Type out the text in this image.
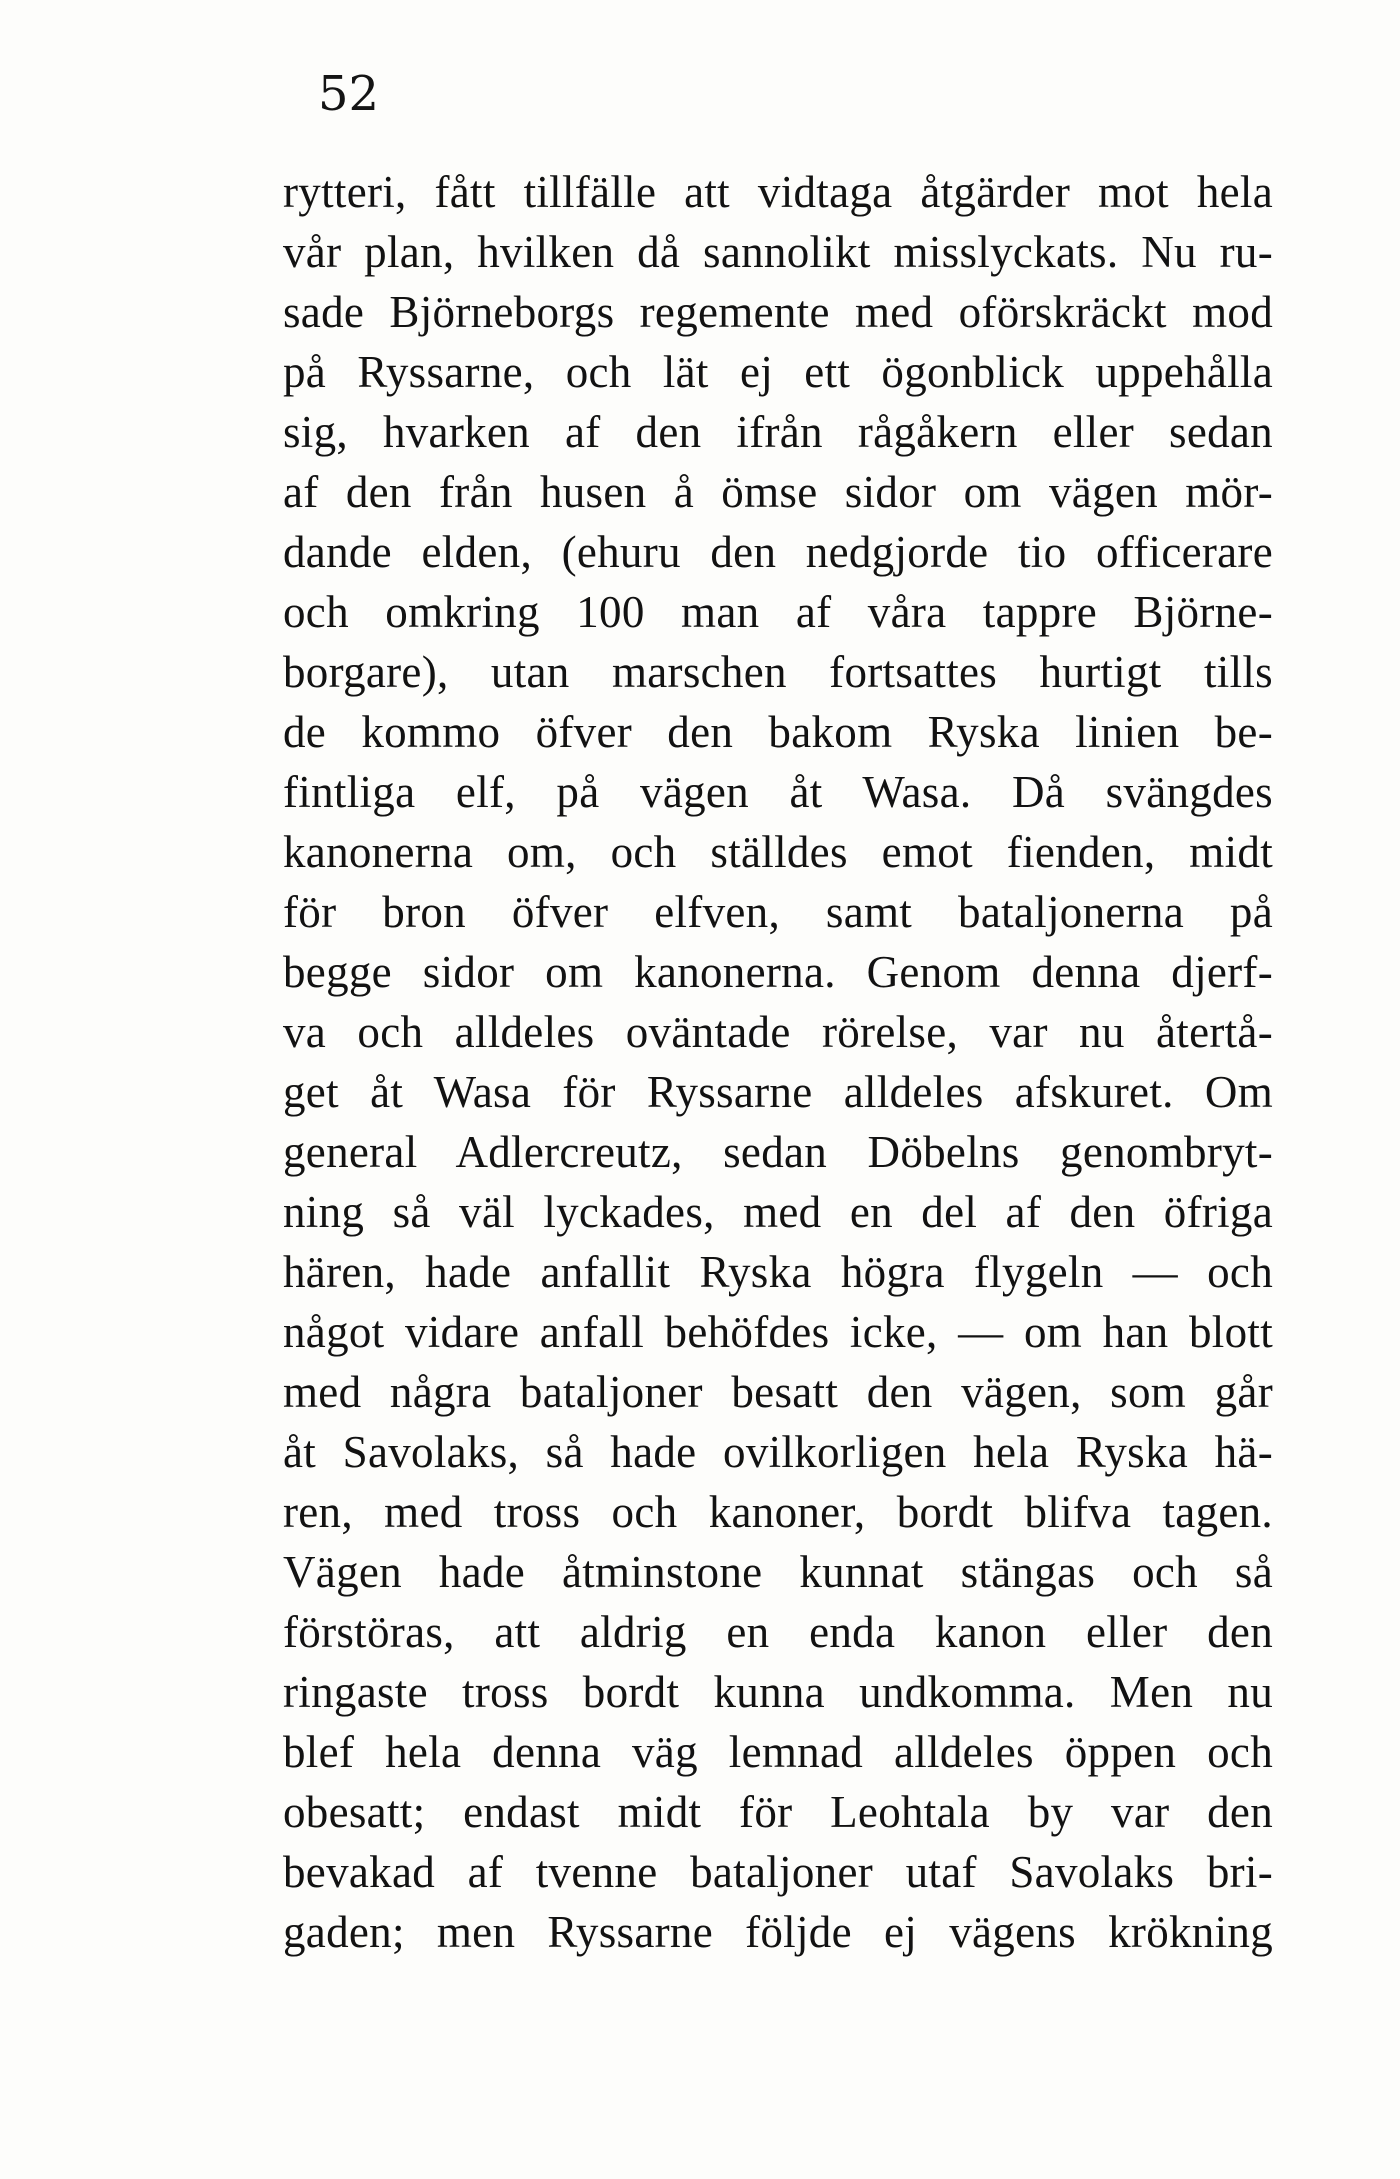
52
rytteri, fått tillfälle att vidtaga åtgärder mot hela
vår plan, hvilken då sannolikt misslyckats. Nu ru-
sade Björneborgs regemente med oförskräckt mod
på Ryssarne, och lät ej ett ögonblick uppehålla
sig, hvarken af den ifrån rågåkern eller sedan
af den från husen å ömse sidor om vägen mör-
dande elden, (ehuru den nedgjorde tio officerare
och omkring 100 man af våra tappre Björne-
borgare), utan marschen fortsattes hurtigt tills
de kommo öfver den bakom Ryska linien be-
fintliga elf, på vägen åt Wasa. Då svängdes
kanonerna om, och ställdes emot fienden, midt
för bron öfver elfven, samt bataljonerna på
begge sidor om kanonerna. Genom denna djerf-
va och alldeles oväntade rörelse, var nu återtå-
get åt Wasa för Ryssarne alldeles afskuret. Om
general Adlercreutz, sedan Döbelns genombryt-
ning så väl lyckades, med en del af den öfriga
hären, hade anfallit Ryska högra flygeln — och
något vidare anfall behöfdes icke, — om han blott
med några bataljoner besatt den vägen, som går
åt Savolaks, så hade ovilkorligen hela Ryska hä-
ren, med tross och kanoner, bordt blifva tagen.
Vägen hade åtminstone kunnat stängas och så
förstöras, att aldrig en enda kanon eller den
ringaste tross bordt kunna undkomma. Men nu
blef hela denna väg lemnad alldeles öppen och
obesatt; endast midt för Leohtala by var den
bevakad af tvenne bataljoner utaf Savolaks bri-
gaden; men Ryssarne följde ej vägens krökning
